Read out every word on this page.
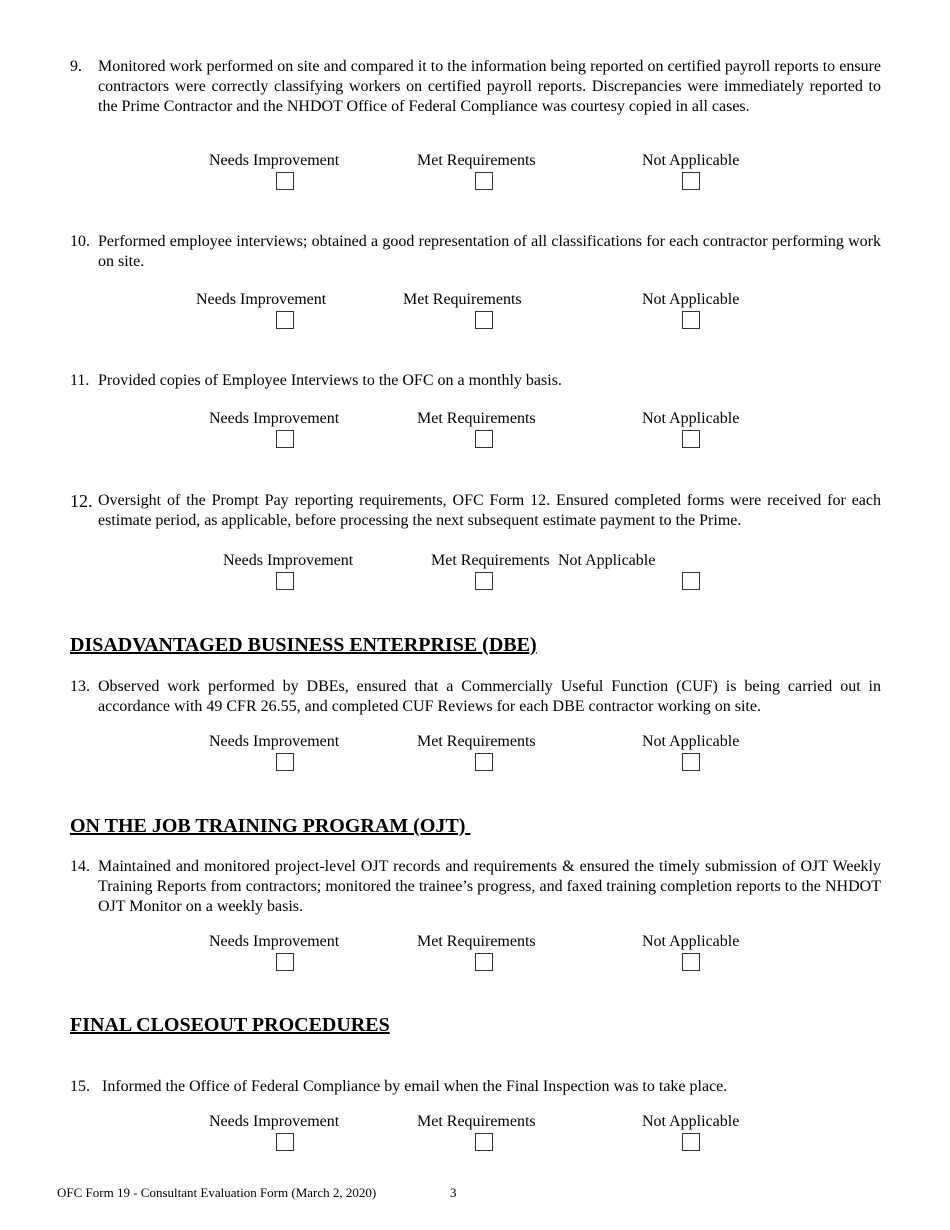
9. Monitored work performed on site and compared it to the information being reported on certified payroll reports to ensure contractors were correctly classifying workers on certified payroll reports. Discrepancies were immediately reported to the Prime Contractor and the NHDOT Office of Federal Compliance was courtesy copied in all cases.
Needs Improvement	Met Requirements	Not Applicable
10. Performed employee interviews; obtained a good representation of all classifications for each contractor performing work on site.
Needs Improvement	Met Requirements	Not Applicable
11. Provided copies of Employee Interviews to the OFC on a monthly basis.
Needs Improvement	Met Requirements	Not Applicable
12. Oversight of the Prompt Pay reporting requirements, OFC Form 12. Ensured completed forms were received for each estimate period, as applicable, before processing the next subsequent estimate payment to the Prime.
Needs Improvement	Met Requirements Not Applicable
DISADVANTAGED BUSINESS ENTERPRISE (DBE)
13. Observed work performed by DBEs, ensured that a Commercially Useful Function (CUF) is being carried out in accordance with 49 CFR 26.55, and completed CUF Reviews for each DBE contractor working on site.
Needs Improvement	Met Requirements	Not Applicable
ON THE JOB TRAINING PROGRAM (OJT)
14. Maintained and monitored project-level OJT records and requirements & ensured the timely submission of OJT Weekly Training Reports from contractors; monitored the trainee’s progress, and faxed training completion reports to the NHDOT OJT Monitor on a weekly basis.
Needs Improvement	Met Requirements	Not Applicable
FINAL CLOSEOUT PROCEDURES
15. Informed the Office of Federal Compliance by email when the Final Inspection was to take place.
Needs Improvement	Met Requirements	Not Applicable
OFC Form 19 - Consultant Evaluation Form (March 2, 2020)	3
